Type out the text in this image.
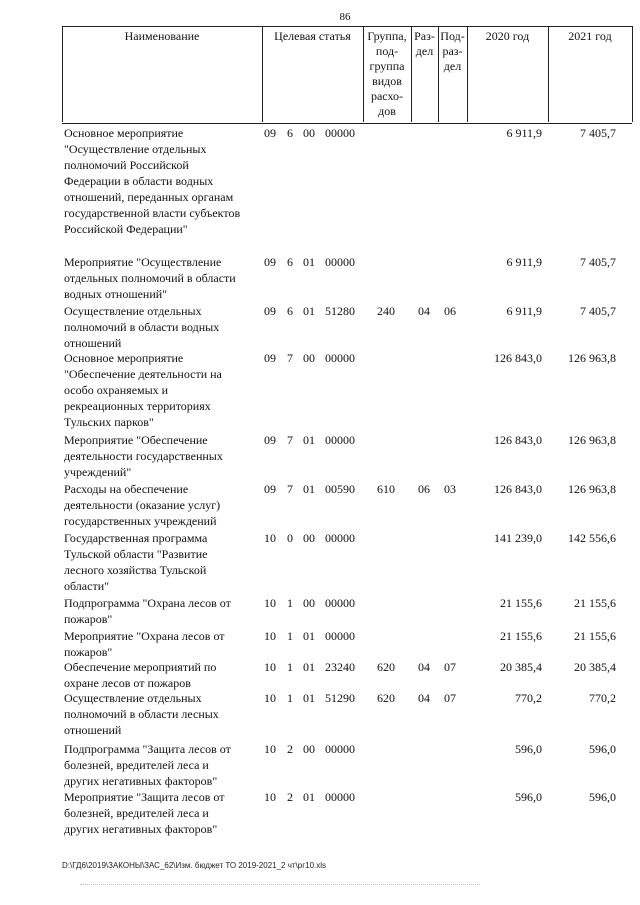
86
Наименование	Целевая статья	Группа,
под-
группа
видов
расхо-
дов
Раз-
дел
Под-
раз-
дел
2020 год	2021 год
Основное мероприятие
"Осуществление отдельных
полномочий Российской
Федерации в области водных
отношений, переданных органам
государственной власти субъектов
Российской Федерации"
09 6 00 00000	6 911,9	7 405,7
Мероприятие "Осуществление
отдельных полномочий в области
водных отношений"
09 6 01 00000	6 911,9	7 405,7
Осуществление отдельных
полномочий в области водных
отношений
09 6 01 51280 240 04 06	6 911,9	7 405,7
Основное мероприятие
"Обеспечение деятельности на
особо охраняемых и
рекреационных территориях
Тульских парков"
09 7 00 00000	126 843,0	126 963,8
Мероприятие "Обеспечение
деятельности государственных
учреждений"
09 7 01 00000	126 843,0	126 963,8
Расходы на обеспечение
деятельности (оказание услуг)
государственных учреждений
09 7 01 00590 610 06 03	126 843,0	126 963,8
Государственная программа
Тульской области "Развитие
лесного хозяйства Тульской
области"
10 0 00 00000	141 239,0	142 556,6
Подпрограмма "Охрана лесов от
пожаров"
10 1 00 00000	21 155,6	21 155,6
Мероприятие "Охрана лесов от
пожаров"
10 1 01 00000	21 155,6	21 155,6
Обеспечение мероприятий по
охране лесов от пожаров
10 1 01 23240 620 04 07	20 385,4	20 385,4
Осуществление отдельных
полномочий в области лесных
отношений
10 1 01 51290 620 04 07	770,2	770,2
Подпрограмма "Защита лесов от
болезней, вредителей леса и
других негативных факторов"
10 2 00 00000	596,0	596,0
Мероприятие "Защита лесов от
болезней, вредителей леса и
других негативных факторов"
10 2 01 00000	596,0	596,0
D:\ГД6\2019\ЗАКОНЫ\ЗАС_62\Изм. бюджет ТО 2019-2021_2 чт\рг10.xls
